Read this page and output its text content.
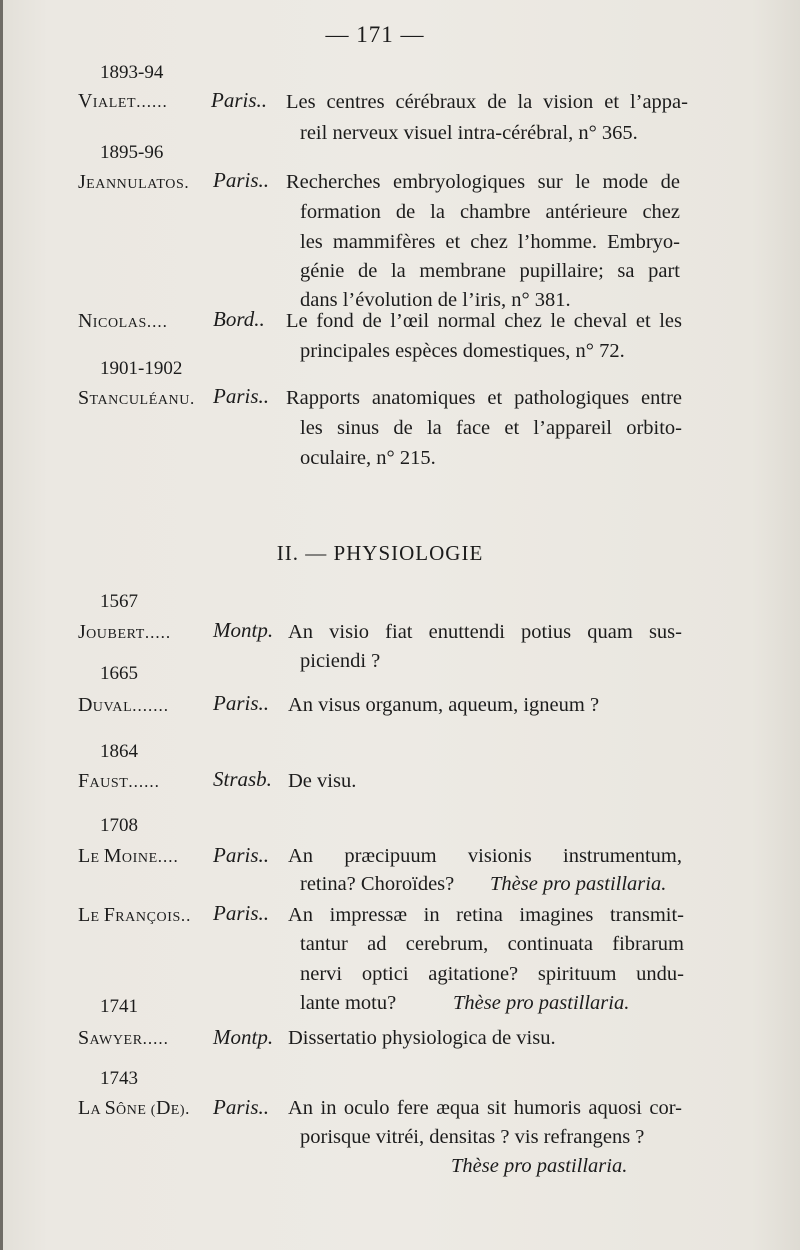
— 171 —
1893-94
VIALET...... Paris.. Les centres cérébraux de la vision et l’appa-
reil nerveux visuel intra-cérébral, n° 365.
1895-96
JEANNULATOS. Paris.. Recherches embryologiques sur le mode de
formation de la chambre antérieure chez
les mammifères et chez l’homme. Embryo-
génie de la membrane pupillaire; sa part
dans l’évolution de l’iris, n° 381.
NICOLAS.... Bord.. Le fond de l’œil normal chez le cheval et les
principales espèces domestiques, n° 72.
1901-1902
STANCULÉANU. Paris.. Rapports anatomiques et pathologiques entre
les sinus de la face et l’appareil orbito-
oculaire, n° 215.
II. — PHYSIOLOGIE
1567
JOUBERT..... Montp. An visio fiat enuttendi potius quam sus-
piciendi ?
1665
DUVAL....... Paris.. An visus organum, aqueum, igneum ?
1864
FAUST......	Strasb. De visu.
1708
LE MOINE.... Paris.. An præcipuum visionis instrumentum,
retina? Choroïdes? Thèse pro pastillaria.
LE FRANÇOIS.. Paris.. An impressæ in retina imagines transmit-
tantur ad cerebrum, continuata fibrarum
nervi optici agitatione? spirituum undu-
lante motu?	Thèse pro pastillaria.
1741
SAWYER..... Montp. Dissertatio physiologica de visu.
1743
LA SÔNE (DE). Paris.. An in oculo fere æqua sit humoris aquosi cor-
porisque vitréi, densitas ? vis refrangens ?
Thèse pro pastillaria.
